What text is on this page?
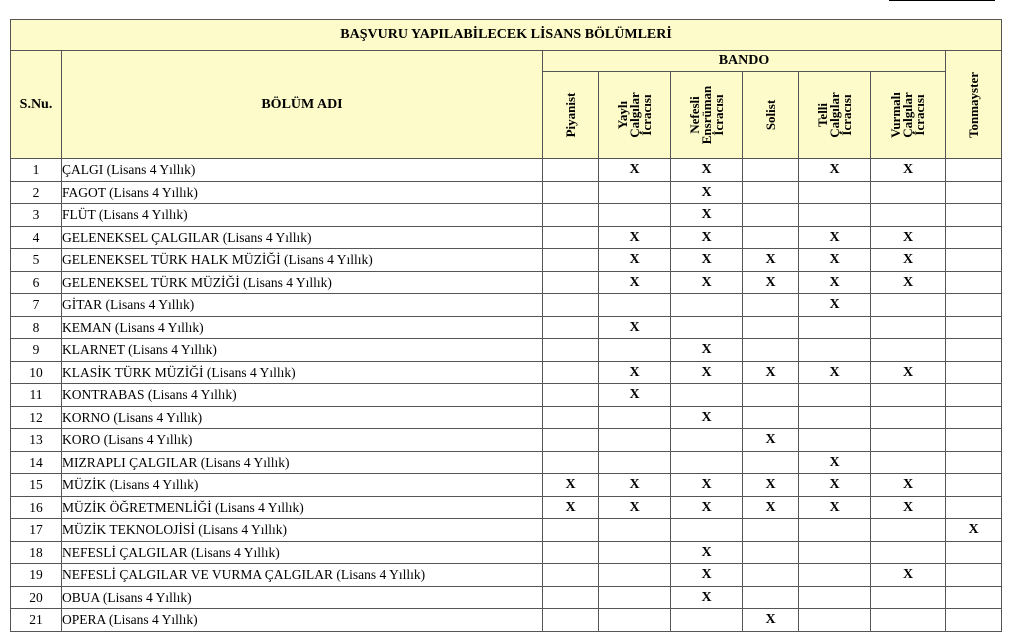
BAŞVURU YAPILABİLECEK LİSANS BÖLÜMLERİ								
S.Nu.	BÖLÜM ADI	BANDO						Tonmayster

		Piyanist	Yaylı
Çalgılar
İcracısı	Nefesli
Ensrüman
İcracısı	Solist	Telli
Çalgılar
İcracısı	Vurmalı
Çalgılar
İcracısı	

1	ÇALGI (Lisans 4 Yıllık)		X	X		X	X	
2	FAGOT (Lisans 4 Yıllık)			X				
3	FLÜT (Lisans 4 Yıllık)			X				
4	GELENEKSEL ÇALGILAR (Lisans 4 Yıllık)		X	X		X	X	
5	GELENEKSEL TÜRK HALK MÜZİĞİ (Lisans 4 Yıllık)		X	X	X	X	X	
6	GELENEKSEL TÜRK MÜZİĞİ (Lisans 4 Yıllık)		X	X	X	X	X	
7	GİTAR (Lisans 4 Yıllık)					X		
8	KEMAN (Lisans 4 Yıllık)		X					
9	KLARNET (Lisans 4 Yıllık)			X				
10	KLASİK TÜRK MÜZİĞİ (Lisans 4 Yıllık)		X	X	X	X	X	
11	KONTRABAS (Lisans 4 Yıllık)		X					
12	KORNO (Lisans 4 Yıllık)			X				
13	KORO (Lisans 4 Yıllık)				X			
14	MIZRAPLI ÇALGILAR (Lisans 4 Yıllık)					X		
15	MÜZİK (Lisans 4 Yıllık)	X	X	X	X	X	X	
16	MÜZİK ÖĞRETMENLİĞİ (Lisans 4 Yıllık)	X	X	X	X	X	X	
17	MÜZİK TEKNOLOJİSİ (Lisans 4 Yıllık)							X
18	NEFESLİ ÇALGILAR (Lisans 4 Yıllık)			X				
19	NEFESLİ ÇALGILAR VE VURMA ÇALGILAR (Lisans 4 Yıllık)			X			X	
20	OBUA (Lisans 4 Yıllık)			X				
21	OPERA (Lisans 4 Yıllık)				X			
